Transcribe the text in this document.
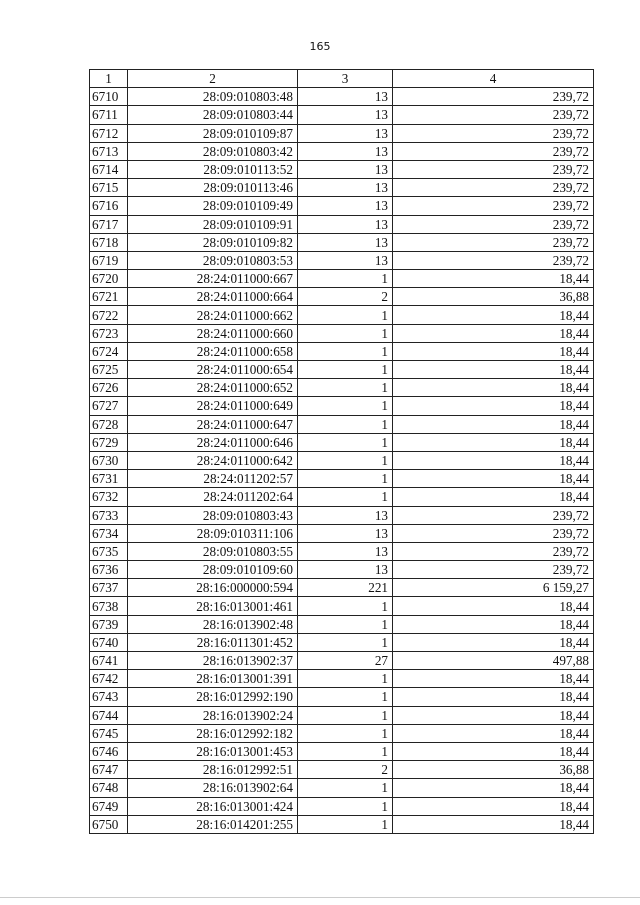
165
1	2	3	4
6710	28:09:010803:48	13	239,72
6711	28:09:010803:44	13	239,72
6712	28:09:010109:87	13	239,72
6713	28:09:010803:42	13	239,72
6714	28:09:010113:52	13	239,72
6715	28:09:010113:46	13	239,72
6716	28:09:010109:49	13	239,72
6717	28:09:010109:91	13	239,72
6718	28:09:010109:82	13	239,72
6719	28:09:010803:53	13	239,72
6720	28:24:011000:667	1	18,44
6721	28:24:011000:664	2	36,88
6722	28:24:011000:662	1	18,44
6723	28:24:011000:660	1	18,44
6724	28:24:011000:658	1	18,44
6725	28:24:011000:654	1	18,44
6726	28:24:011000:652	1	18,44
6727	28:24:011000:649	1	18,44
6728	28:24:011000:647	1	18,44
6729	28:24:011000:646	1	18,44
6730	28:24:011000:642	1	18,44
6731	28:24:011202:57	1	18,44
6732	28:24:011202:64	1	18,44
6733	28:09:010803:43	13	239,72
6734	28:09:010311:106	13	239,72
6735	28:09:010803:55	13	239,72
6736	28:09:010109:60	13	239,72
6737	28:16:000000:594	221	6 159,27
6738	28:16:013001:461	1	18,44
6739	28:16:013902:48	1	18,44
6740	28:16:011301:452	1	18,44
6741	28:16:013902:37	27	497,88
6742	28:16:013001:391	1	18,44
6743	28:16:012992:190	1	18,44
6744	28:16:013902:24	1	18,44
6745	28:16:012992:182	1	18,44
6746	28:16:013001:453	1	18,44
6747	28:16:012992:51	2	36,88
6748	28:16:013902:64	1	18,44
6749	28:16:013001:424	1	18,44
6750	28:16:014201:255	1	18,44
